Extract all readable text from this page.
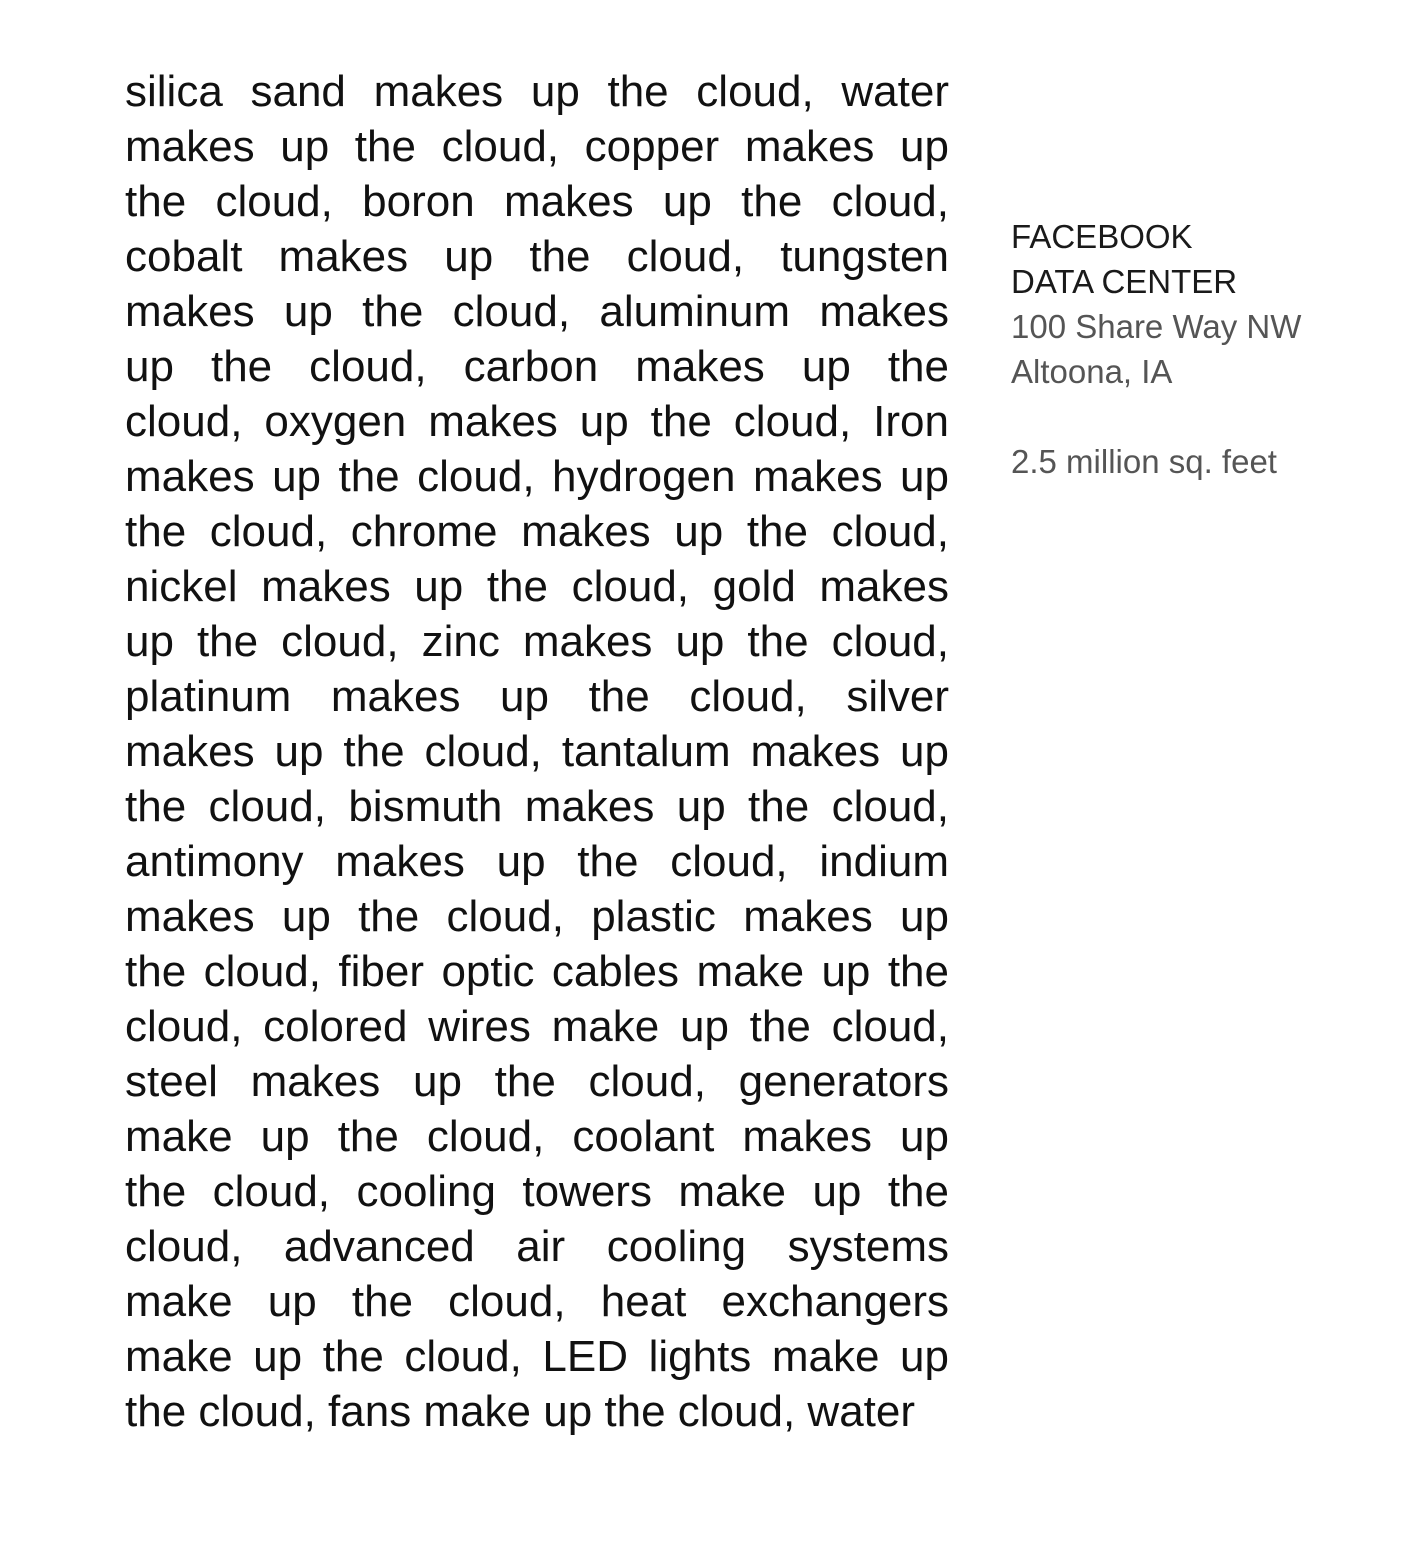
silica sand makes up the cloud, water
makes up the cloud, copper makes up
the cloud, boron makes up the cloud,
cobalt makes up the cloud, tungsten
makes up the cloud, aluminum makes
up the cloud, carbon makes up the
cloud, oxygen makes up the cloud, Iron
makes up the cloud, hydrogen makes up
the cloud, chrome makes up the cloud,
nickel makes up the cloud, gold makes
up the cloud, zinc makes up the cloud,
platinum makes up the cloud, silver
makes up the cloud, tantalum makes up
the cloud, bismuth makes up the cloud,
antimony makes up the cloud, indium
makes up the cloud, plastic makes up
the cloud, fiber optic cables make up the
cloud, colored wires make up the cloud,
steel makes up the cloud, generators
make up the cloud, coolant makes up
the cloud, cooling towers make up the
cloud, advanced air cooling systems
make up the cloud, heat exchangers
make up the cloud, LED lights make up
the cloud, fans make up the cloud, water
FACEBOOK
DATA CENTER
100 Share Way NW
Altoona, IA
2.5 million sq. feet
